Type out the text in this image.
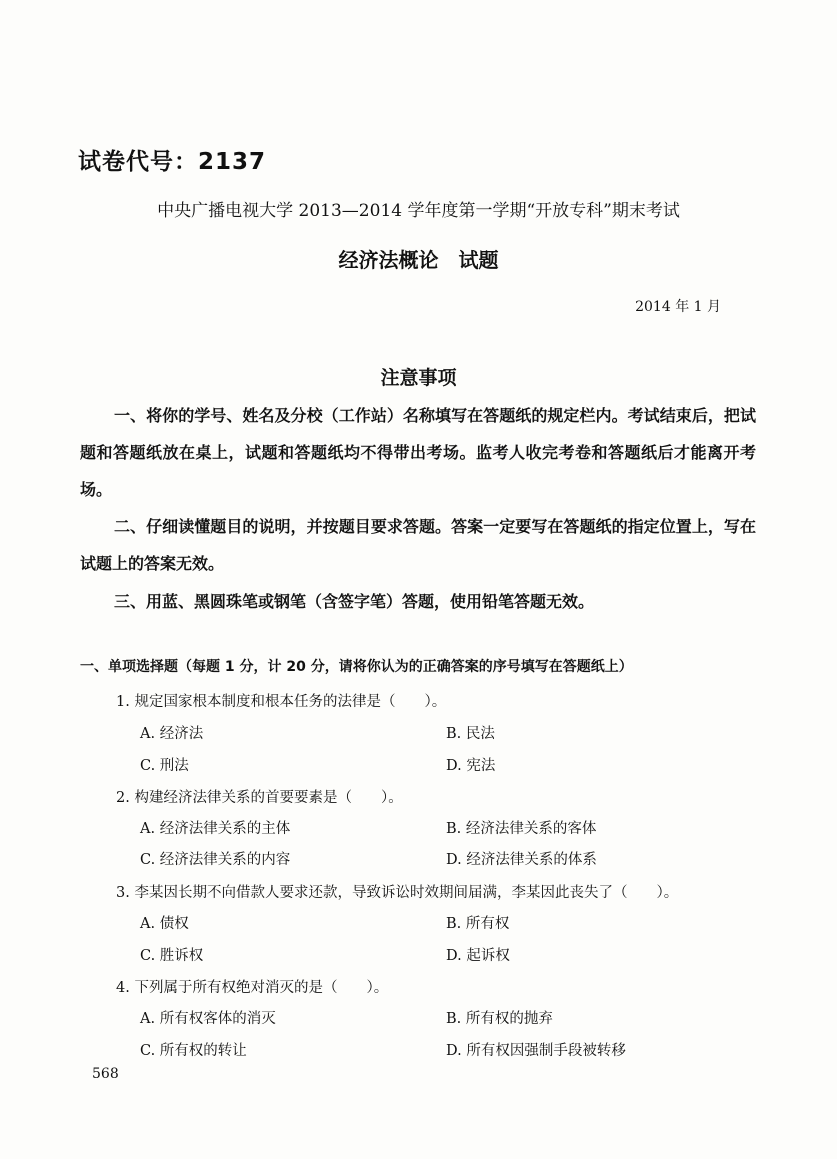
试卷代号：2137
中央广播电视大学 2013—2014 学年度第一学期“开放专科”期末考试
经济法概论　试题
2014 年 1 月
注意事项
一、将你的学号、姓名及分校（工作站）名称填写在答题纸的规定栏内。考试结束后，把试题和答题纸放在桌上，试题和答题纸均不得带出考场。监考人收完考卷和答题纸后才能离开考场。
二、仔细读懂题目的说明，并按题目要求答题。答案一定要写在答题纸的指定位置上，写在试题上的答案无效。
三、用蓝、黑圆珠笔或钢笔（含签字笔）答题，使用铅笔答题无效。
一、单项选择题（每题 1 分，计 20 分，请将你认为的正确答案的序号填写在答题纸上）
1. 规定国家根本制度和根本任务的法律是（　　）。
A. 经济法	B. 民法
C. 刑法	D. 宪法
2. 构建经济法律关系的首要要素是（　　）。
A. 经济法律关系的主体	B. 经济法律关系的客体
C. 经济法律关系的内容	D. 经济法律关系的体系
3. 李某因长期不向借款人要求还款，导致诉讼时效期间届满，李某因此丧失了（　　）。
A. 债权	B. 所有权
C. 胜诉权	D. 起诉权
4. 下列属于所有权绝对消灭的是（　　）。
A. 所有权客体的消灭	B. 所有权的抛弃
C. 所有权的转让	D. 所有权因强制手段被转移
568
